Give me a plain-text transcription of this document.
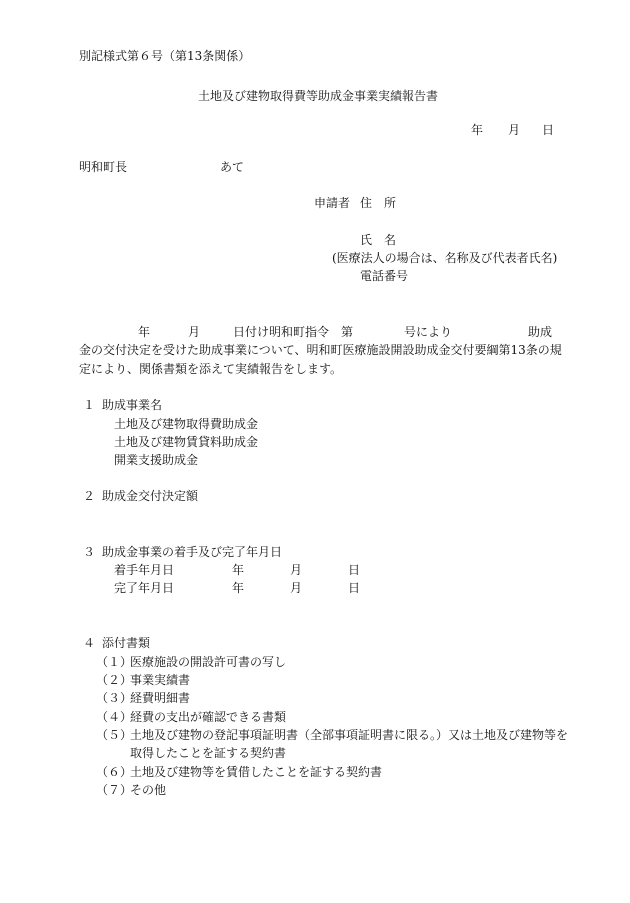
別記様式第６号（第13条関係）
土地及び建物取得費等助成金事業実績報告書
年 月 日
明和町長	あて
申請者 住　所
氏　名
(医療法人の場合は、名称及び代表者氏名)
電話番号
年	月	日付け明和町指令　第	号により	助成
金の交付決定を受けた助成事業について、明和町医療施設開設助成金交付要綱第13条の規
定により、関係書類を添えて実績報告をします。
１ 助成事業名
土地及び建物取得費助成金
土地及び建物賃貸料助成金
開業支援助成金
２ 助成金交付決定額
３ 助成金事業の着手及び完了年月日
着手年月日	年	月	日
完了年月日	年	月	日
４ 添付書類
（１）
医療施設の開設許可書の写し
（２）
事業実績書
（３）
経費明細書
（４）
経費の支出が確認できる書類
（５）
土地及び建物の登記事項証明書（全部事項証明書に限る。）又は土地及び建物等を
取得したことを証する契約書
（６）
土地及び建物等を賃借したことを証する契約書
（７）
その他
